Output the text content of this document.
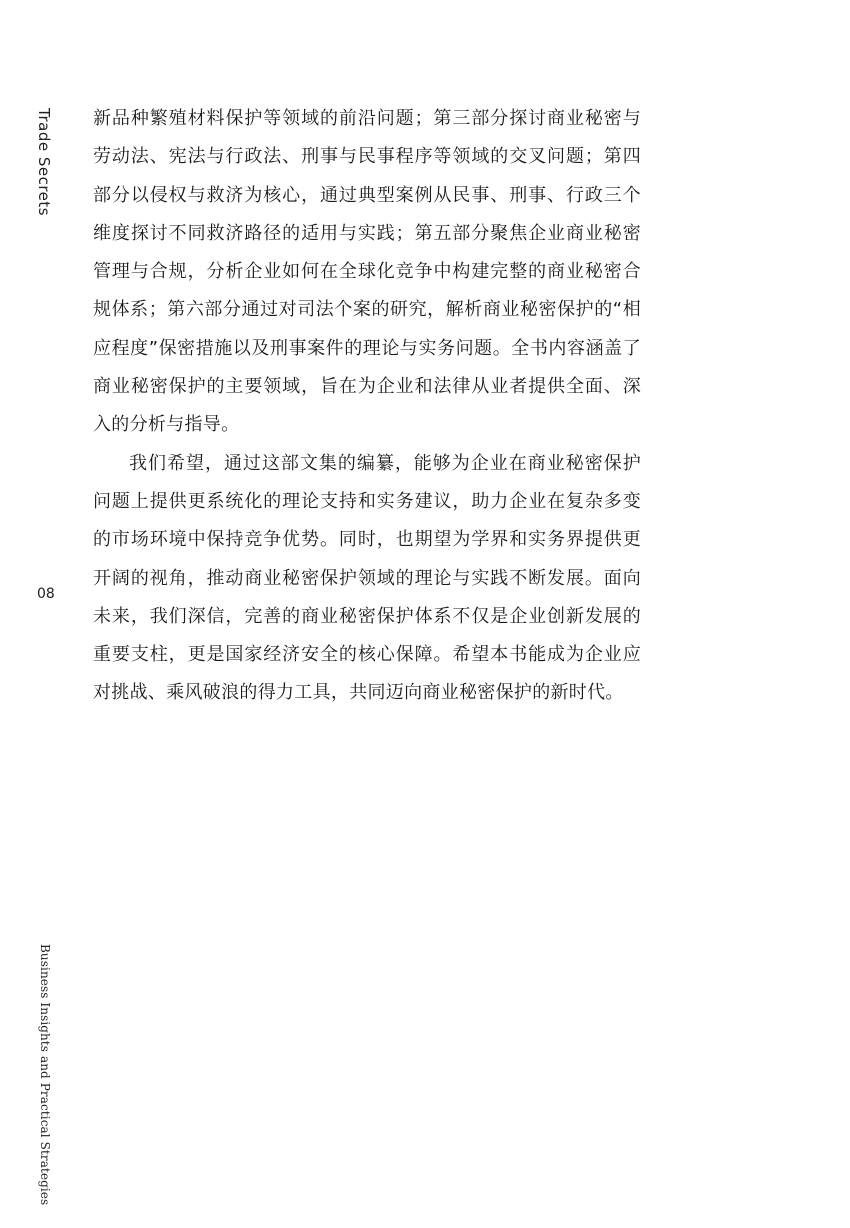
Trade Secrets
08
Business Insights and Practical Strategies

新品种繁殖材料保护等领域的前沿问题；第三部分探讨商业秘密与劳动法、宪法与行政法、刑事与民事程序等领域的交叉问题；第四部分以侵权与救济为核心，通过典型案例从民事、刑事、行政三个维度探讨不同救济路径的适用与实践；第五部分聚焦企业商业秘密管理与合规，分析企业如何在全球化竞争中构建完整的商业秘密合规体系；第六部分通过对司法个案的研究，解析商业秘密保护的“相应程度”保密措施以及刑事案件的理论与实务问题。全书内容涵盖了商业秘密保护的主要领域，旨在为企业和法律从业者提供全面、深入的分析与指导。

我们希望，通过这部文集的编纂，能够为企业在商业秘密保护问题上提供更系统化的理论支持和实务建议，助力企业在复杂多变的市场环境中保持竞争优势。同时，也期望为学界和实务界提供更开阔的视角，推动商业秘密保护领域的理论与实践不断发展。面向未来，我们深信，完善的商业秘密保护体系不仅是企业创新发展的重要支柱，更是国家经济安全的核心保障。希望本书能成为企业应对挑战、乘风破浪的得力工具，共同迈向商业秘密保护的新时代。
